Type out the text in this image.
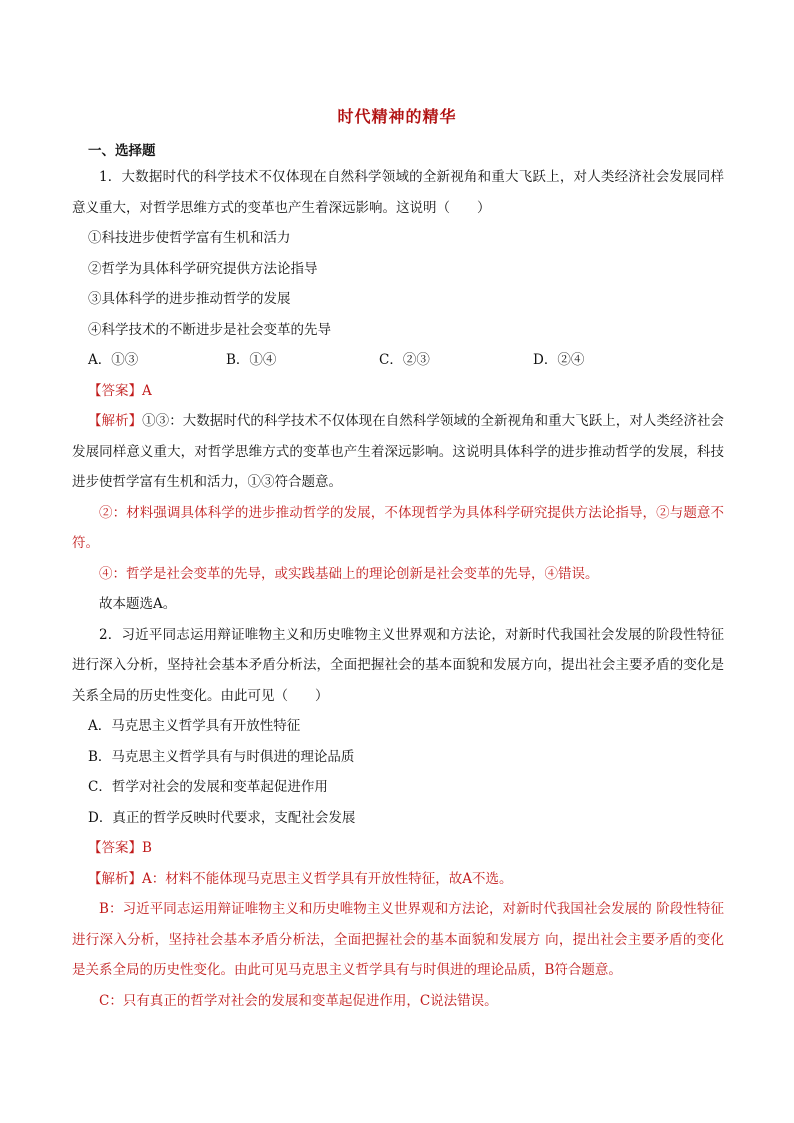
时代精神的精华
一、选择题

1．大数据时代的科学技术不仅体现在自然科学领域的全新视角和重大飞跃上，对人类经济社会发展同样意义重大，对哲学思维方式的变革也产生着深远影响。这说明（　　）

①科技进步使哲学富有生机和活力

②哲学为具体科学研究提供方法论指导

③具体科学的进步推动哲学的发展

④科学技术的不断进步是社会变革的先导

A．①③	B．①④	C．②③	D．②④

【答案】A

【解析】①③：大数据时代的科学技术不仅体现在自然科学领域的全新视角和重大飞跃上，对人类经济社会发展同样意义重大，对哲学思维方式的变革也产生着深远影响。这说明具体科学的进步推动哲学的发展，科技进步使哲学富有生机和活力，①③符合题意。

②：材料强调具体科学的进步推动哲学的发展，不体现哲学为具体科学研究提供方法论指导，②与题意不符。

④：哲学是社会变革的先导，或实践基础上的理论创新是社会变革的先导，④错误。

故本题选A。

2．习近平同志运用辩证唯物主义和历史唯物主义世界观和方法论，对新时代我国社会发展的阶段性特征进行深入分析，坚持社会基本矛盾分析法，全面把握社会的基本面貌和发展方向，提出社会主要矛盾的变化是关系全局的历史性变化。由此可见（　　）

A．马克思主义哲学具有开放性特征

B．马克思主义哲学具有与时俱进的理论品质

C．哲学对社会的发展和变革起促进作用

D．真正的哲学反映时代要求，支配社会发展

【答案】B

【解析】A：材料不能体现马克思主义哲学具有开放性特征，故A不选。

B：习近平同志运用辩证唯物主义和历史唯物主义世界观和方法论，对新时代我国社会发展的 阶段性特征进行深入分析，坚持社会基本矛盾分析法，全面把握社会的基本面貌和发展方 向，提出社会主要矛盾的变化是关系全局的历史性变化。由此可见马克思主义哲学具有与时俱进的理论品质，B符合题意。

C：只有真正的哲学对社会的发展和变革起促进作用，C说法错误。
